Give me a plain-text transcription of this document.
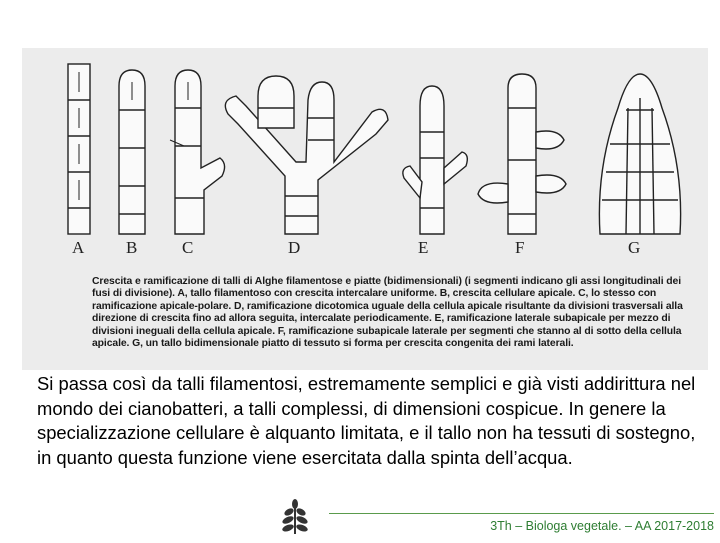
A B	C	D	E	F	G
Crescita e ramificazione di talli di Alghe filamentose e piatte (bidimensionali) (i segmenti indicano gli assi longitudinali dei fusi di divisione). A, tallo filamentoso con crescita intercalare uniforme. B, crescita cellulare apicale. C, lo stesso con ramificazione apicale-polare. D, ramificazione dicotomica uguale della cellula apicale risultante da divisioni trasversali alla direzione di crescita fino ad allora seguita, intercalate periodicamente. E, ramificazione laterale subapicale per mezzo di divisioni ineguali della cellula apicale. F, ramificazione subapicale laterale per segmenti che stanno al di sotto della cellula apicale. G, un tallo bidimensionale piatto di tessuto si forma per crescita congenita dei rami laterali.
Si passa così da talli filamentosi, estremamente semplici e già visti addirittura nel mondo dei cianobatteri, a talli complessi, di dimensioni cospicue. In genere la specializzazione cellulare è alquanto limitata, e il tallo non ha tessuti di sostegno, in quanto questa funzione viene esercitata dalla spinta dell’acqua.
3Th – Biologa vegetale. – AA 2017-2018
